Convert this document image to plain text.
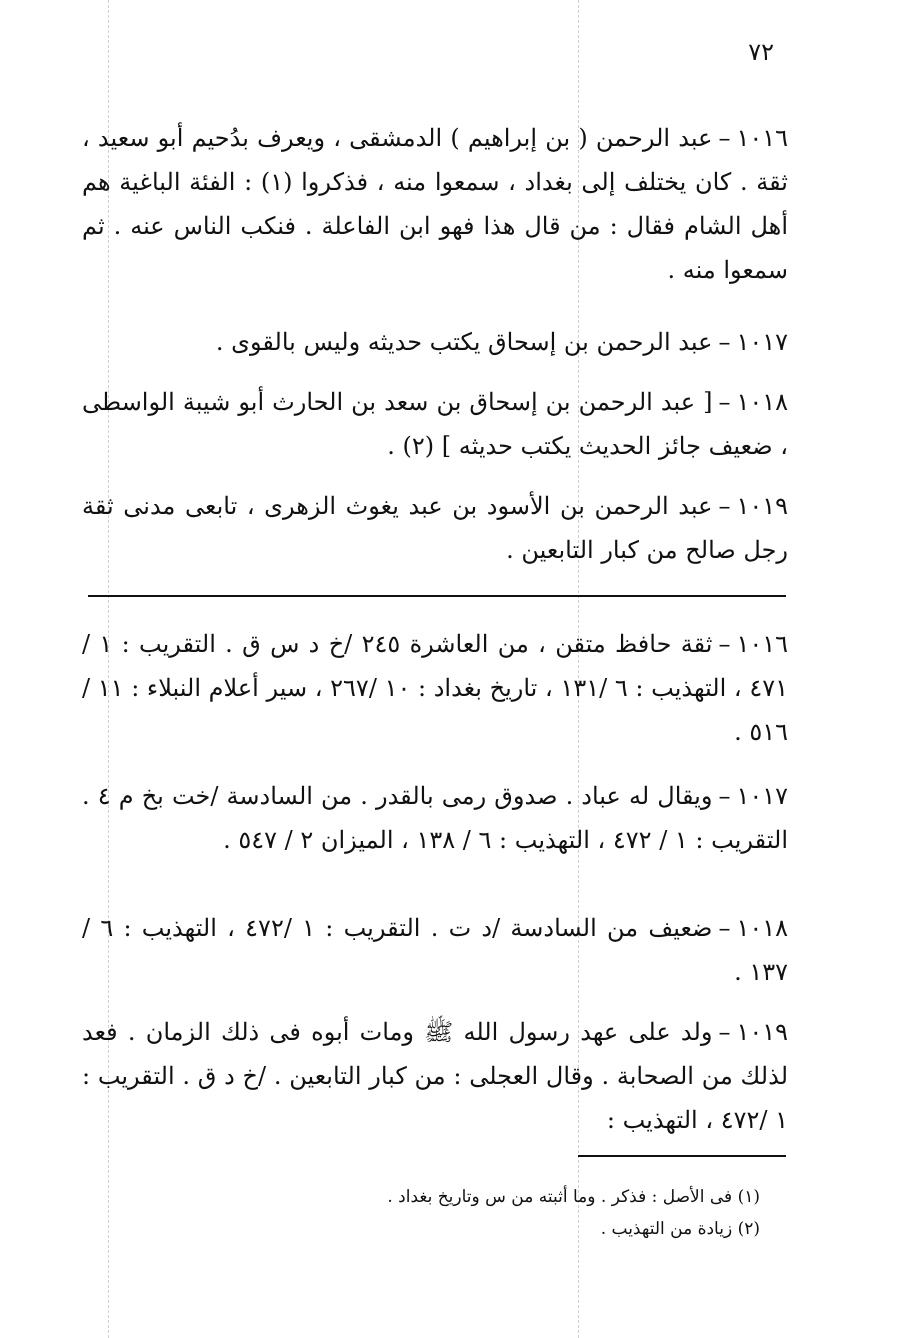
٧٢
١٠١٦–عبد الرحمن ( بن إبراهيم ) الدمشقى ، ويعرف بدُحيم أبو سعيد ، ثقة . كان يختلف إلى بغداد ، سمعوا منه ، فذكروا (١) : الفئة الباغية هم أهل الشام فقال : من قال هذا فهو ابن الفاعلة . فنكب الناس عنه . ثم سمعوا منه .
١٠١٧–عبد الرحمن بن إسحاق يكتب حديثه وليس بالقوى .
١٠١٨–[ عبد الرحمن بن إسحاق بن سعد بن الحارث أبو شيبة الواسطى ، ضعيف جائز الحديث يكتب حديثه ] (٢) .
١٠١٩–عبد الرحمن بن الأسود بن عبد يغوث الزهرى ، تابعى مدنى ثقة رجل صالح من كبار التابعين .
١٠١٦–ثقة حافظ متقن ، من العاشرة ٢٤٥ /خ د س ق . التقريب : ١ /٤٧١ ، التهذيب : ٦ /١٣١ ، تاريخ بغداد : ١٠ /٢٦٧ ، سير أعلام النبلاء : ١١ /٥١٦ .
١٠١٧–ويقال له عباد . صدوق رمى بالقدر . من السادسة /خت بخ م ٤ . التقريب : ١ / ٤٧٢ ، التهذيب : ٦ / ١٣٨ ، الميزان ٢ / ٥٤٧ .
١٠١٨–ضعيف من السادسة /د ت . التقريب : ١ /٤٧٢ ، التهذيب : ٦ /١٣٧ .
١٠١٩–ولد على عهد رسول الله ﷺ ومات أبوه فى ذلك الزمان . فعد لذلك من الصحابة . وقال العجلى : من كبار التابعين . /خ د ق . التقريب : ١ /٤٧٢ ، التهذيب :
(١) فى الأصل : فذكر . وما أثبته من س وتاريخ بغداد .
(٢) زيادة من التهذيب .
